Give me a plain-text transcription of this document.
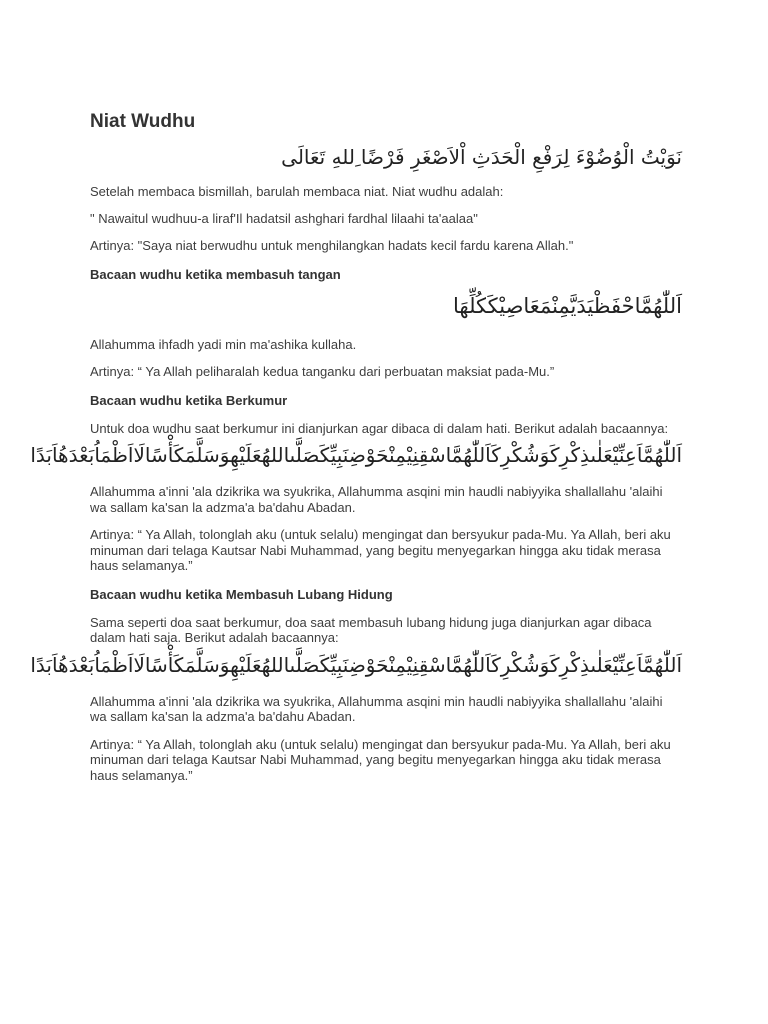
Niat Wudhu
نَوَيْتُ الْوُضُوْءَ لِرَفْعِ الْحَدَثِ اْلاَصْغَرِ فَرْضًا ِللهِ تَعَالَى

Setelah membaca bismillah, barulah membaca niat. Niat wudhu adalah:

" Nawaitul wudhuu-a liraf'Il hadatsil ashghari fardhal lilaahi ta'aalaa"

Artinya: "Saya niat berwudhu untuk menghilangkan hadats kecil fardu karena Allah."

Bacaan wudhu ketika membasuh tangan
اَللّٰهُمَّاحْفَظْيَدَيَّمِنْمَعَاصِيْكَكُلِّهَا

Allahumma ihfadh yadi min ma'ashika kullaha.

Artinya: “ Ya Allah peliharalah kedua tanganku dari perbuatan maksiat pada-Mu.”

Bacaan wudhu ketika Berkumur

Untuk doa wudhu saat berkumur ini dianjurkan agar dibaca di dalam hati. Berikut adalah bacaannya:

اَللّٰهُمَّاَعِنِّيْعَلٰىذِكْرِكَوَشُكْرِكَاَللّٰهُمَّاسْقِنِيْمِنْحَوْضِنَبِيِّكَصَلَّىاللهُعَلَيْهِوَسَلَّمَكَأْسًالَااَظْمَاُبَعْدَهُاَبَدًا

Allahumma a'inni 'ala dzikrika wa syukrika, Allahumma asqini min haudli nabiyyika shallallahu 'alaihi wa sallam ka'san la adzma'a ba'dahu Abadan.

Artinya: “ Ya Allah, tolonglah aku (untuk selalu) mengingat dan bersyukur pada-Mu. Ya Allah, beri aku minuman dari telaga Kautsar Nabi Muhammad, yang begitu menyegarkan hingga aku tidak merasa haus selamanya.”

Bacaan wudhu ketika Membasuh Lubang Hidung

Sama seperti doa saat berkumur, doa saat membasuh lubang hidung juga dianjurkan agar dibaca dalam hati saja. Berikut adalah bacaannya:

اَللّٰهُمَّاَعِنِّيْعَلٰىذِكْرِكَوَشُكْرِكَاَللّٰهُمَّاسْقِنِيْمِنْحَوْضِنَبِيِّكَصَلَّىاللهُعَلَيْهِوَسَلَّمَكَأْسًالَااَظْمَاُبَعْدَهُاَبَدًا

Allahumma a'inni 'ala dzikrika wa syukrika, Allahumma asqini min haudli nabiyyika shallallahu 'alaihi wa sallam ka'san la adzma'a ba'dahu Abadan.

Artinya: “ Ya Allah, tolonglah aku (untuk selalu) mengingat dan bersyukur pada-Mu. Ya Allah, beri aku minuman dari telaga Kautsar Nabi Muhammad, yang begitu menyegarkan hingga aku tidak merasa haus selamanya.”
